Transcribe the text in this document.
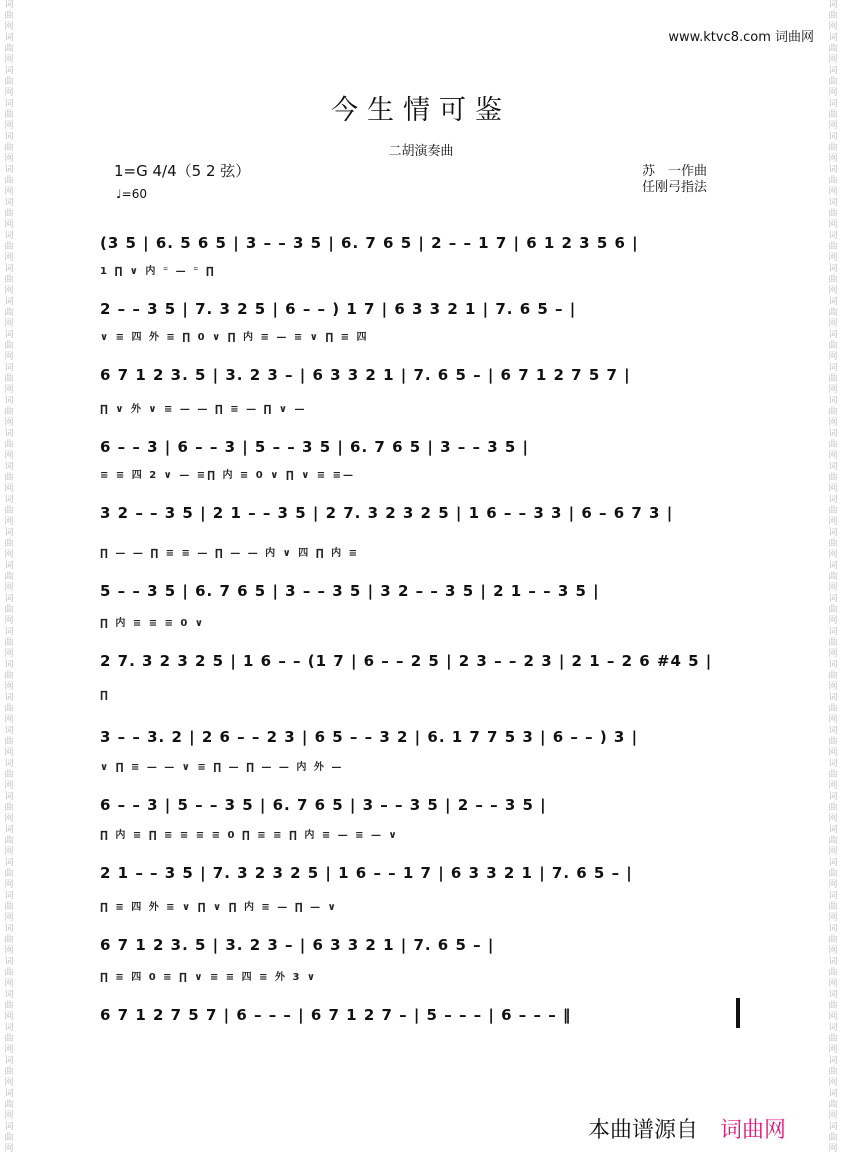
词曲网词曲网词曲网词曲网词曲网词曲网词曲网词曲网词曲网词曲网词曲网词曲网词曲网词曲网词曲网词曲网词曲网词曲网词曲网词曲网词曲网词曲网词曲网词曲网词曲网词曲网词曲网词曲网词曲网词曲网词曲网词曲网词曲网词曲网词曲网
词曲网词曲网词曲网词曲网词曲网词曲网词曲网词曲网词曲网词曲网词曲网词曲网词曲网词曲网词曲网词曲网词曲网词曲网词曲网词曲网词曲网词曲网词曲网词曲网词曲网词曲网词曲网词曲网词曲网词曲网词曲网词曲网词曲网词曲网词曲网
www.ktvc8.com 词曲网
今生情可鉴
二胡演奏曲
1=G 4/4（5 2 弦）
♩=60
苏　一作曲
任刚弓指法
(3 5 | 6. 5 6 5 | 3 – – 3 5 | 6. 7 6 5 | 2 – – 1 7 | 6 1 2 3 5 6 |
1 ∏ ∨ 内 ⁼ — ⁼ ∏
2 – – 3 5 | 7. 3 2 5 | 6 – – ) 1 7 | 6 3 3 2 1 | 7. 6 5 – |
∨ ≡ 四 外 ≡ ∏ 0 ∨ ∏ 内 ≡ — ≡ ∨ ∏ ≡ 四
6 7 1 2 3. 5 | 3. 2 3 – | 6 3 3 2 1 | 7. 6 5 – | 6 7 1 2 7 5 7 |
∏ ∨ 外 ∨ ≡ — — ∏ ≡ — ∏ ∨ —
6 – – 3 | 6 – – 3 | 5 – – 3 5 | 6. 7 6 5 | 3 – – 3 5 |
≡ ≡ 四 2 ∨ — ≡∏ 内 ≡ 0 ∨ ∏ ∨ ≡ ≡—
3 2 – – 3 5 | 2 1 – – 3 5 | 2 7. 3 2 3 2 5 | 1 6 – – 3 3 | 6 – 6 7 3 |
∏ — — ∏ ≡ ≡ — ∏ — — 内 ∨ 四 ∏ 内 ≡
5 – – 3 5 | 6. 7 6 5 | 3 – – 3 5 | 3 2 – – 3 5 | 2 1 – – 3 5 |
∏ 内 ≡ ≡ ≡ 0 ∨
2 7. 3 2 3 2 5 | 1 6 – – (1 7 | 6 – – 2 5 | 2 3 – – 2 3 | 2 1 – 2 6 #4 5 |
∏
3 – – 3. 2 | 2 6 – – 2 3 | 6 5 – – 3 2 | 6. 1 7 7 5 3 | 6 – – ) 3 |
∨ ∏ ≡ — — ∨ ≡ ∏ — ∏ — — 内 外 —
6 – – 3 | 5 – – 3 5 | 6. 7 6 5 | 3 – – 3 5 | 2 – – 3 5 |
∏ 内 ≡ ∏ ≡ ≡ ≡ ≡ 0 ∏ ≡ ≡ ∏ 内 ≡ — ≡ — ∨
2 1 – – 3 5 | 7. 3 2 3 2 5 | 1 6 – – 1 7 | 6 3 3 2 1 | 7. 6 5 – |
∏ ≡ 四 外 ≡ ∨ ∏ ∨ ∏ 内 ≡ — ∏ — ∨
6 7 1 2 3. 5 | 3. 2 3 – | 6 3 3 2 1 | 7. 6 5 – |
∏ ≡ 四 0 ≡ ∏ ∨ ≡ ≡ 四 ≡ 外 3 ∨
6 7 1 2 7 5 7 | 6 – – – | 6 7 1 2 7 – | 5 – – – | 6 – – – ‖
本曲谱源自 词曲网
